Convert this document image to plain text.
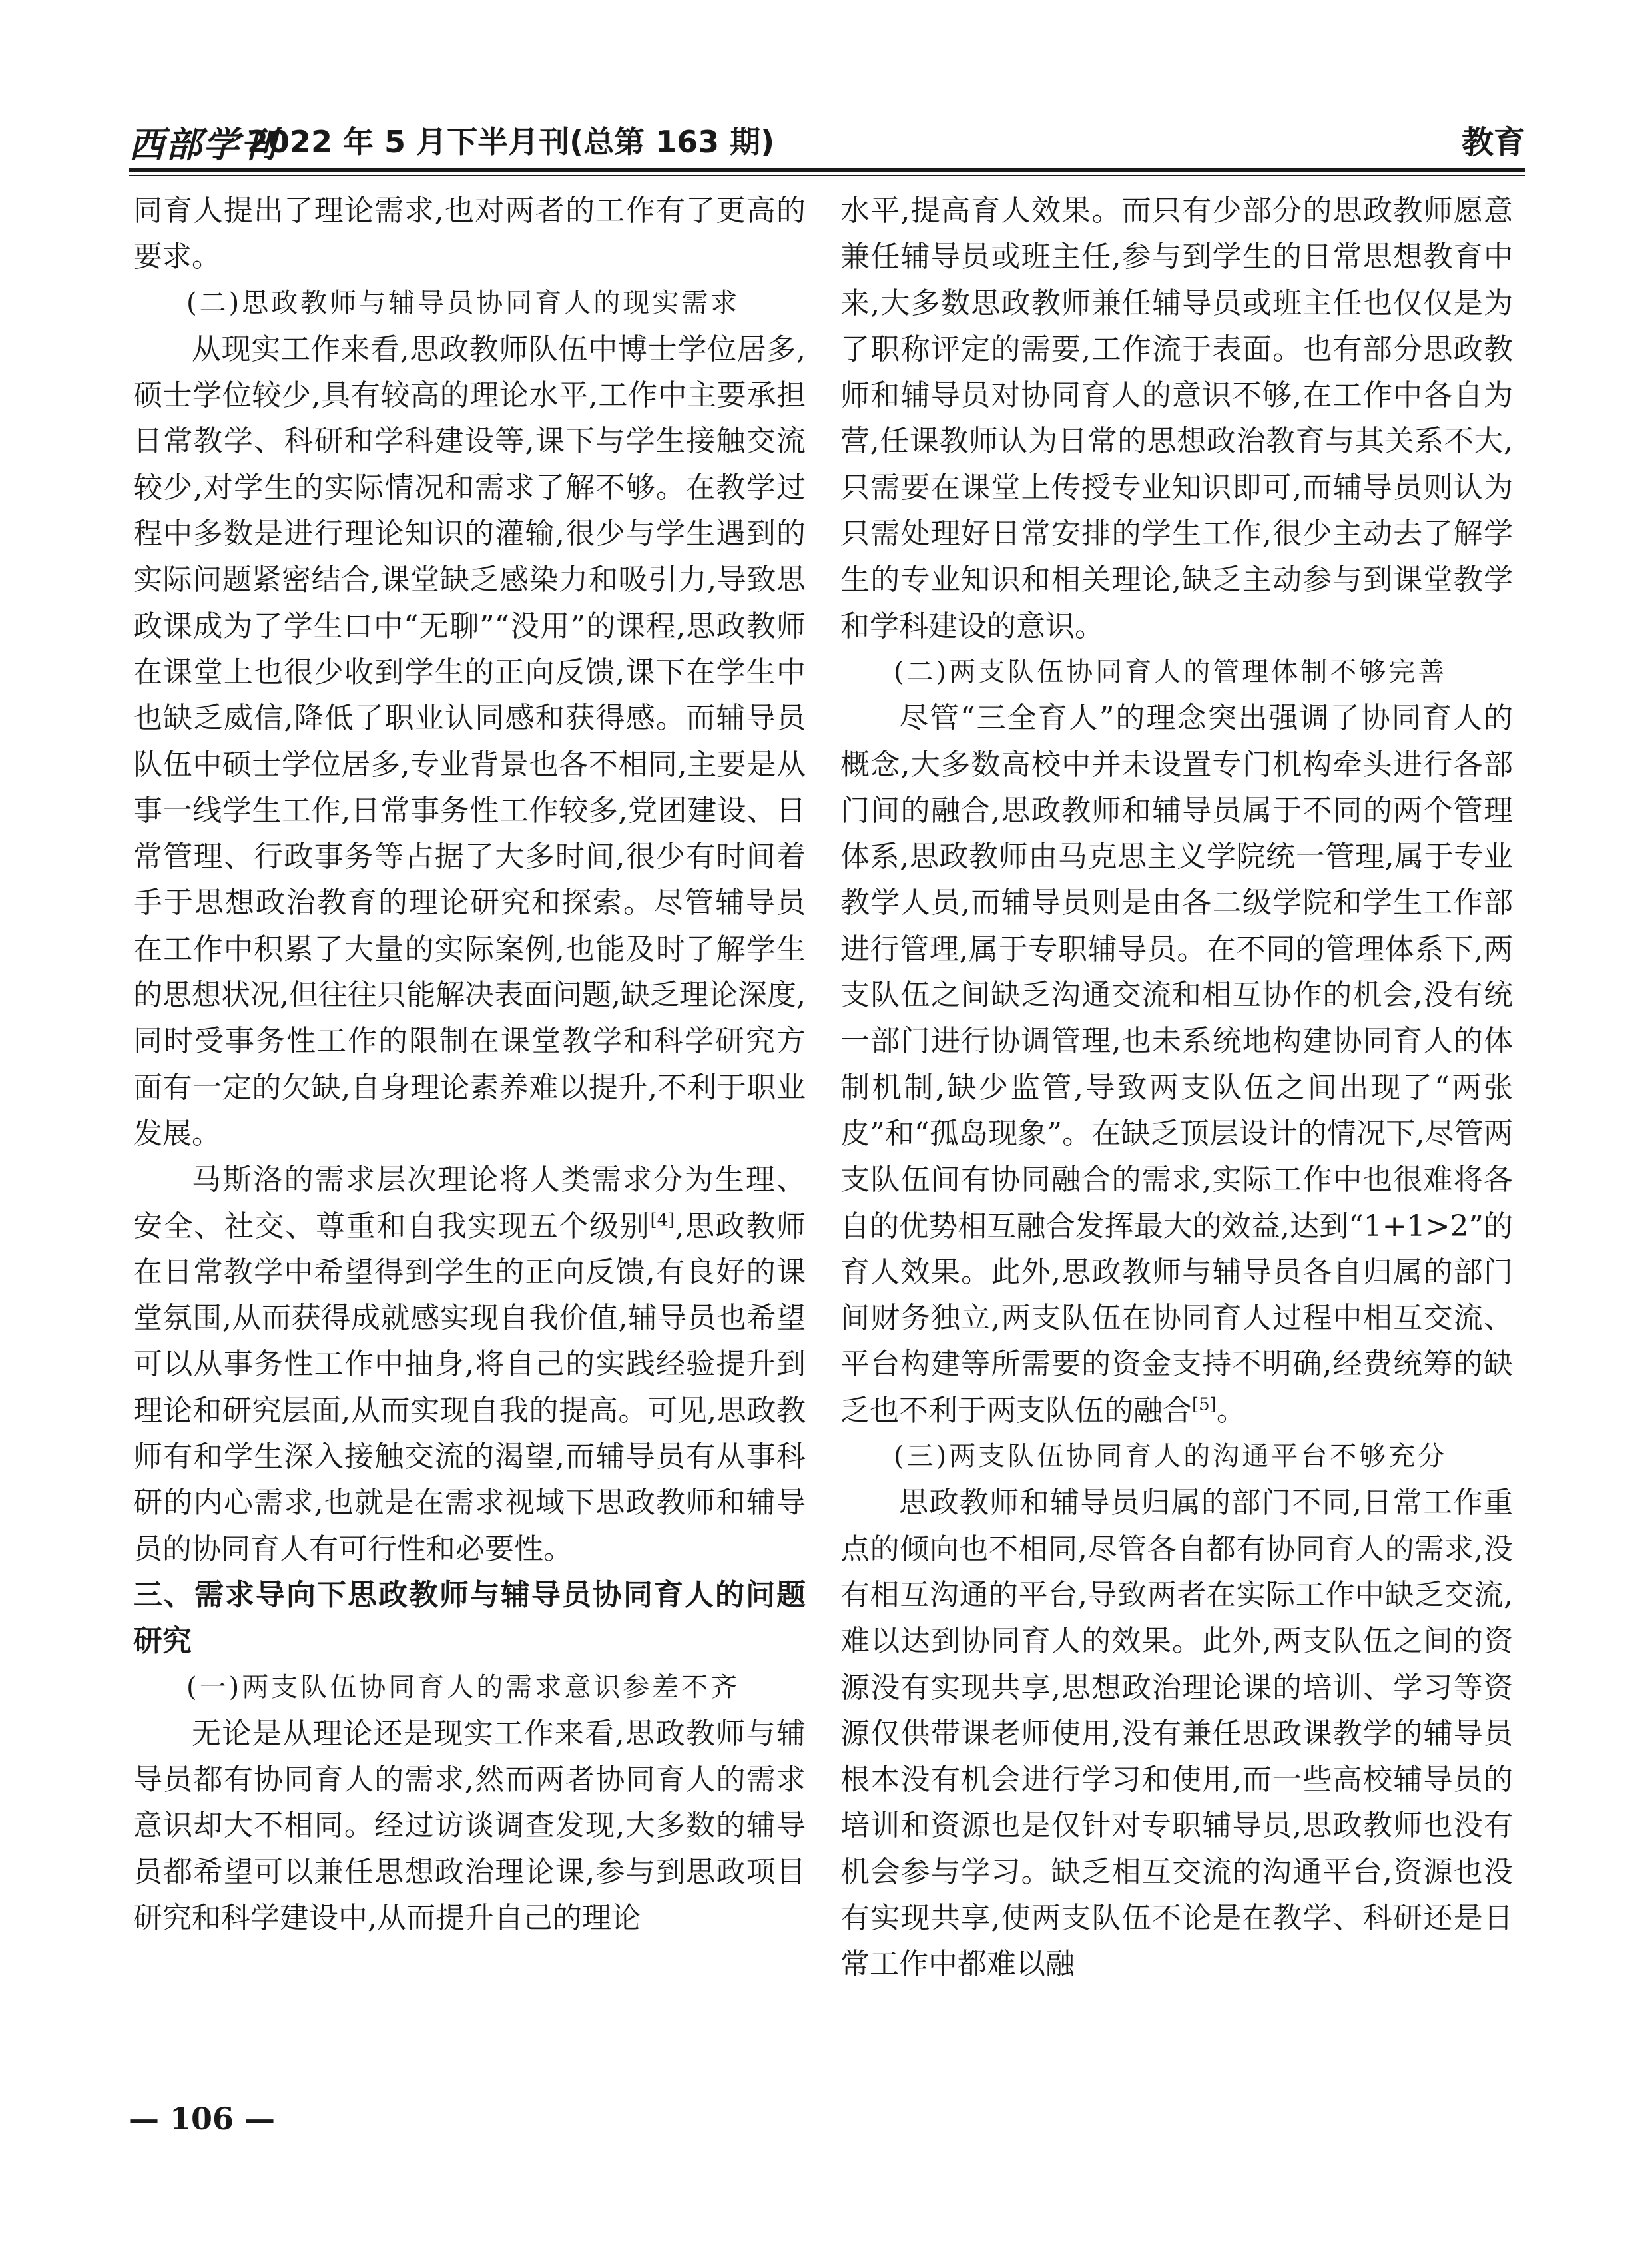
西部学刊
2022 年 5 月下半月刊(总第 163 期)	教育

同育人提出了理论需求,也对两者的工作有了更高的要求。

(二)思政教师与辅导员协同育人的现实需求

从现实工作来看,思政教师队伍中博士学位居多,硕士学位较少,具有较高的理论水平,工作中主要承担日常教学、科研和学科建设等,课下与学生接触交流较少,对学生的实际情况和需求了解不够。在教学过程中多数是进行理论知识的灌输,很少与学生遇到的实际问题紧密结合,课堂缺乏感染力和吸引力,导致思政课成为了学生口中“无聊”“没用”的课程,思政教师在课堂上也很少收到学生的正向反馈,课下在学生中也缺乏威信,降低了职业认同感和获得感。而辅导员队伍中硕士学位居多,专业背景也各不相同,主要是从事一线学生工作,日常事务性工作较多,党团建设、日常管理、行政事务等占据了大多时间,很少有时间着手于思想政治教育的理论研究和探索。尽管辅导员在工作中积累了大量的实际案例,也能及时了解学生的思想状况,但往往只能解决表面问题,缺乏理论深度,同时受事务性工作的限制在课堂教学和科学研究方面有一定的欠缺,自身理论素养难以提升,不利于职业发展。

马斯洛的需求层次理论将人类需求分为生理、安全、社交、尊重和自我实现五个级别[4],思政教师在日常教学中希望得到学生的正向反馈,有良好的课堂氛围,从而获得成就感实现自我价值,辅导员也希望可以从事务性工作中抽身,将自己的实践经验提升到理论和研究层面,从而实现自我的提高。可见,思政教师有和学生深入接触交流的渴望,而辅导员有从事科研的内心需求,也就是在需求视域下思政教师和辅导员的协同育人有可行性和必要性。

三、需求导向下思政教师与辅导员协同育人的问题研究

(一)两支队伍协同育人的需求意识参差不齐

无论是从理论还是现实工作来看,思政教师与辅导员都有协同育人的需求,然而两者协同育人的需求意识却大不相同。经过访谈调查发现,大多数的辅导员都希望可以兼任思想政治理论课,参与到思政项目研究和科学建设中,从而提升自己的理论

水平,提高育人效果。而只有少部分的思政教师愿意兼任辅导员或班主任,参与到学生的日常思想教育中来,大多数思政教师兼任辅导员或班主任也仅仅是为了职称评定的需要,工作流于表面。也有部分思政教师和辅导员对协同育人的意识不够,在工作中各自为营,任课教师认为日常的思想政治教育与其关系不大,只需要在课堂上传授专业知识即可,而辅导员则认为只需处理好日常安排的学生工作,很少主动去了解学生的专业知识和相关理论,缺乏主动参与到课堂教学和学科建设的意识。

(二)两支队伍协同育人的管理体制不够完善

尽管“三全育人”的理念突出强调了协同育人的概念,大多数高校中并未设置专门机构牵头进行各部门间的融合,思政教师和辅导员属于不同的两个管理体系,思政教师由马克思主义学院统一管理,属于专业教学人员,而辅导员则是由各二级学院和学生工作部进行管理,属于专职辅导员。在不同的管理体系下,两支队伍之间缺乏沟通交流和相互协作的机会,没有统一部门进行协调管理,也未系统地构建协同育人的体制机制,缺少监管,导致两支队伍之间出现了“两张皮”和“孤岛现象”。在缺乏顶层设计的情况下,尽管两支队伍间有协同融合的需求,实际工作中也很难将各自的优势相互融合发挥最大的效益,达到“1+1>2”的育人效果。此外,思政教师与辅导员各自归属的部门间财务独立,两支队伍在协同育人过程中相互交流、平台构建等所需要的资金支持不明确,经费统筹的缺乏也不利于两支队伍的融合[5]。

(三)两支队伍协同育人的沟通平台不够充分

思政教师和辅导员归属的部门不同,日常工作重点的倾向也不相同,尽管各自都有协同育人的需求,没有相互沟通的平台,导致两者在实际工作中缺乏交流,难以达到协同育人的效果。此外,两支队伍之间的资源没有实现共享,思想政治理论课的培训、学习等资源仅供带课老师使用,没有兼任思政课教学的辅导员根本没有机会进行学习和使用,而一些高校辅导员的培训和资源也是仅针对专职辅导员,思政教师也没有机会参与学习。缺乏相互交流的沟通平台,资源也没有实现共享,使两支队伍不论是在教学、科研还是日常工作中都难以融

— 106 —
